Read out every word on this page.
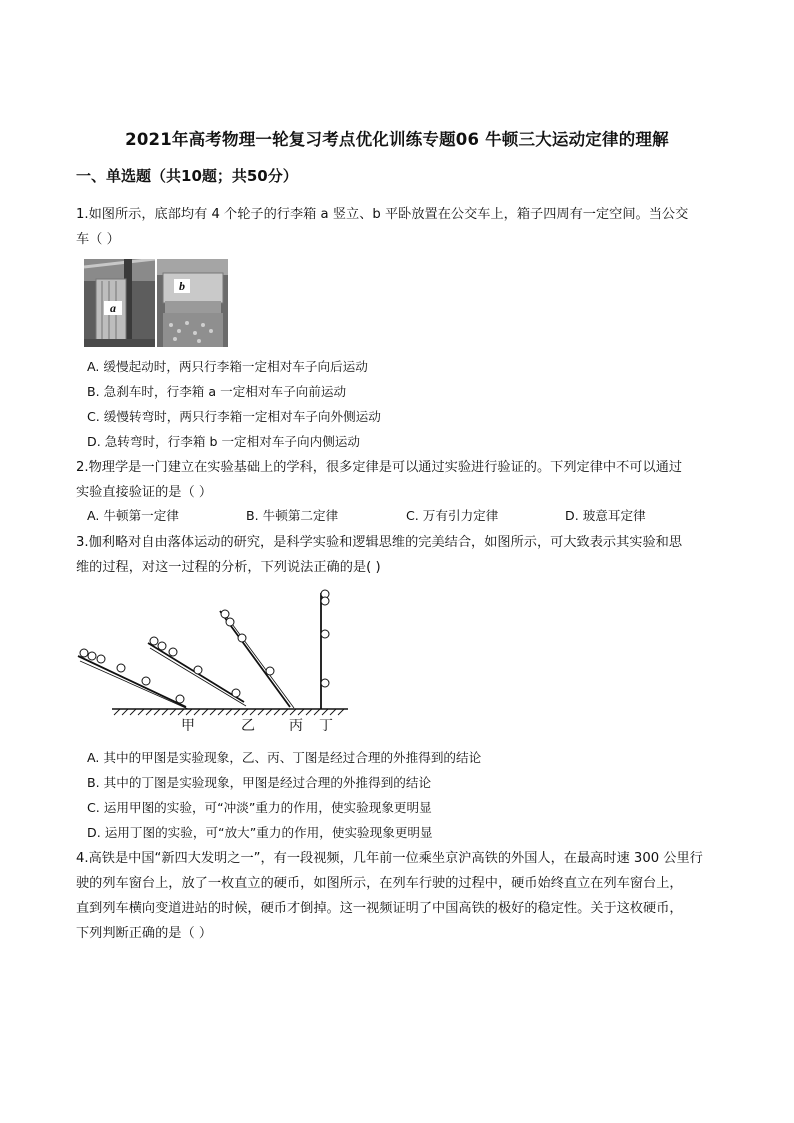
2021年高考物理一轮复习考点优化训练专题06 牛顿三大运动定律的理解
一、单选题（共10题；共50分）
1.如图所示，底部均有 4 个轮子的行李箱 a 竖立、b 平卧放置在公交车上，箱子四周有一定空间。当公交
车（ ）
a
b
A. 缓慢起动时，两只行李箱一定相对车子向后运动
B. 急刹车时，行李箱 a 一定相对车子向前运动
C. 缓慢转弯时，两只行李箱一定相对车子向外侧运动
D. 急转弯时，行李箱 b 一定相对车子向内侧运动
2.物理学是一门建立在实验基础上的学科，很多定律是可以通过实验进行验证的。下列定律中不可以通过
实验直接验证的是（ ）
A. 牛顿第一定律	B. 牛顿第二定律	C. 万有引力定律	D. 玻意耳定律
3.伽利略对自由落体运动的研究，是科学实验和逻辑思维的完美结合，如图所示，可大致表示其实验和思
维的过程，对这一过程的分析，下列说法正确的是( )
甲	乙 丙 丁
A. 其中的甲图是实验现象，乙、丙、丁图是经过合理的外推得到的结论
B. 其中的丁图是实验现象，甲图是经过合理的外推得到的结论
C. 运用甲图的实验，可“冲淡”重力的作用，使实验现象更明显
D. 运用丁图的实验，可“放大”重力的作用，使实验现象更明显
4.高铁是中国“新四大发明之一”，有一段视频，几年前一位乘坐京沪高铁的外国人，在最高时速 300 公里行
驶的列车窗台上，放了一枚直立的硬币，如图所示，在列车行驶的过程中，硬币始终直立在列车窗台上，
直到列车横向变道进站的时候，硬币才倒掉。这一视频证明了中国高铁的极好的稳定性。关于这枚硬币，
下列判断正确的是（ ）
